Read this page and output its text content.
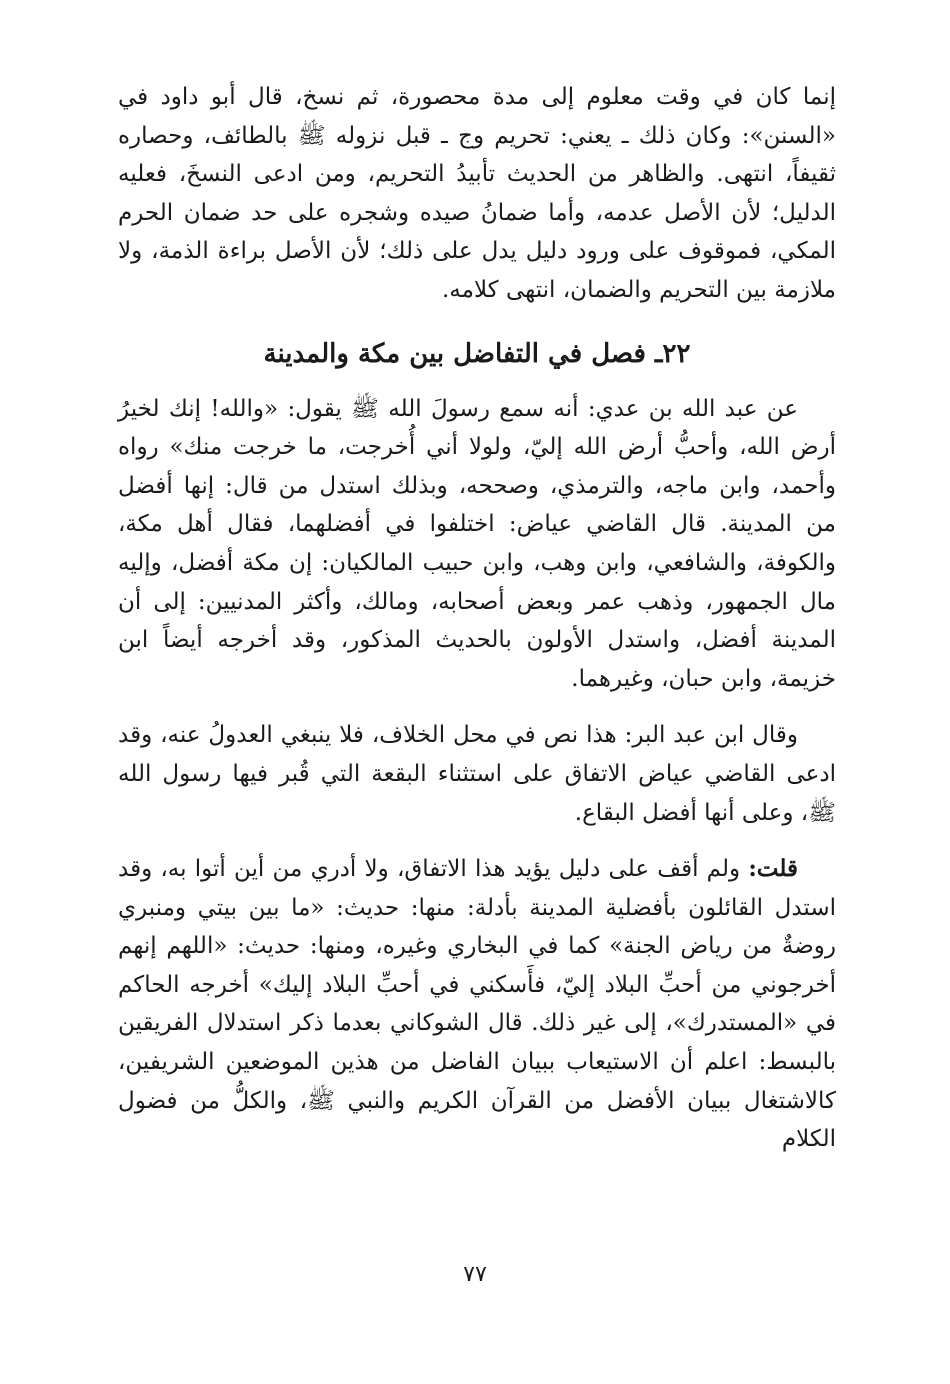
إنما كان في وقت معلوم إلى مدة محصورة، ثم نسخ، قال أبو داود في «السنن»: وكان ذلك ـ يعني: تحريم وج ـ قبل نزوله ﷺ بالطائف، وحصاره ثقيفاً، انتهى. والظاهر من الحديث تأبيدُ التحريم، ومن ادعى النسخَ، فعليه الدليل؛ لأن الأصل عدمه، وأما ضمانُ صيده وشجره على حد ضمان الحرم المكي، فموقوف على ورود دليل يدل على ذلك؛ لأن الأصل براءة الذمة، ولا ملازمة بين التحريم والضمان، انتهى كلامه.

٢٢ـ فصل في التفاضل بين مكة والمدينة

عن عبد الله بن عدي: أنه سمع رسولَ الله ﷺ يقول: «والله! إنك لخيرُ أرض الله، وأحبُّ أرض الله إليّ، ولولا أني أُخرجت، ما خرجت منك» رواه وأحمد، وابن ماجه، والترمذي، وصححه، وبذلك استدل من قال: إنها أفضل من المدينة. قال القاضي عياض: اختلفوا في أفضلهما، فقال أهل مكة، والكوفة، والشافعي، وابن وهب، وابن حبيب المالكيان: إن مكة أفضل، وإليه مال الجمهور، وذهب عمر وبعض أصحابه، ومالك، وأكثر المدنيين: إلى أن المدينة أفضل، واستدل الأولون بالحديث المذكور، وقد أخرجه أيضاً ابن خزيمة، وابن حبان، وغيرهما.

وقال ابن عبد البر: هذا نص في محل الخلاف، فلا ينبغي العدولُ عنه، وقد ادعى القاضي عياض الاتفاق على استثناء البقعة التي قُبر فيها رسول الله ﷺ، وعلى أنها أفضل البقاع.

قلت: ولم أقف على دليل يؤيد هذا الاتفاق، ولا أدري من أين أتوا به، وقد استدل القائلون بأفضلية المدينة بأدلة: منها: حديث: «ما بين بيتي ومنبري روضةٌ من رياض الجنة» كما في البخاري وغيره، ومنها: حديث: «اللهم إنهم أخرجوني من أحبِّ البلاد إليّ، فأَسكني في أحبِّ البلاد إليك» أخرجه الحاكم في «المستدرك»، إلى غير ذلك. قال الشوكاني بعدما ذكر استدلال الفريقين بالبسط: اعلم أن الاستيعاب ببيان الفاضل من هذين الموضعين الشريفين، كالاشتغال ببيان الأفضل من القرآن الكريم والنبي ﷺ، والكلُّ من فضول الكلام

٧٧
